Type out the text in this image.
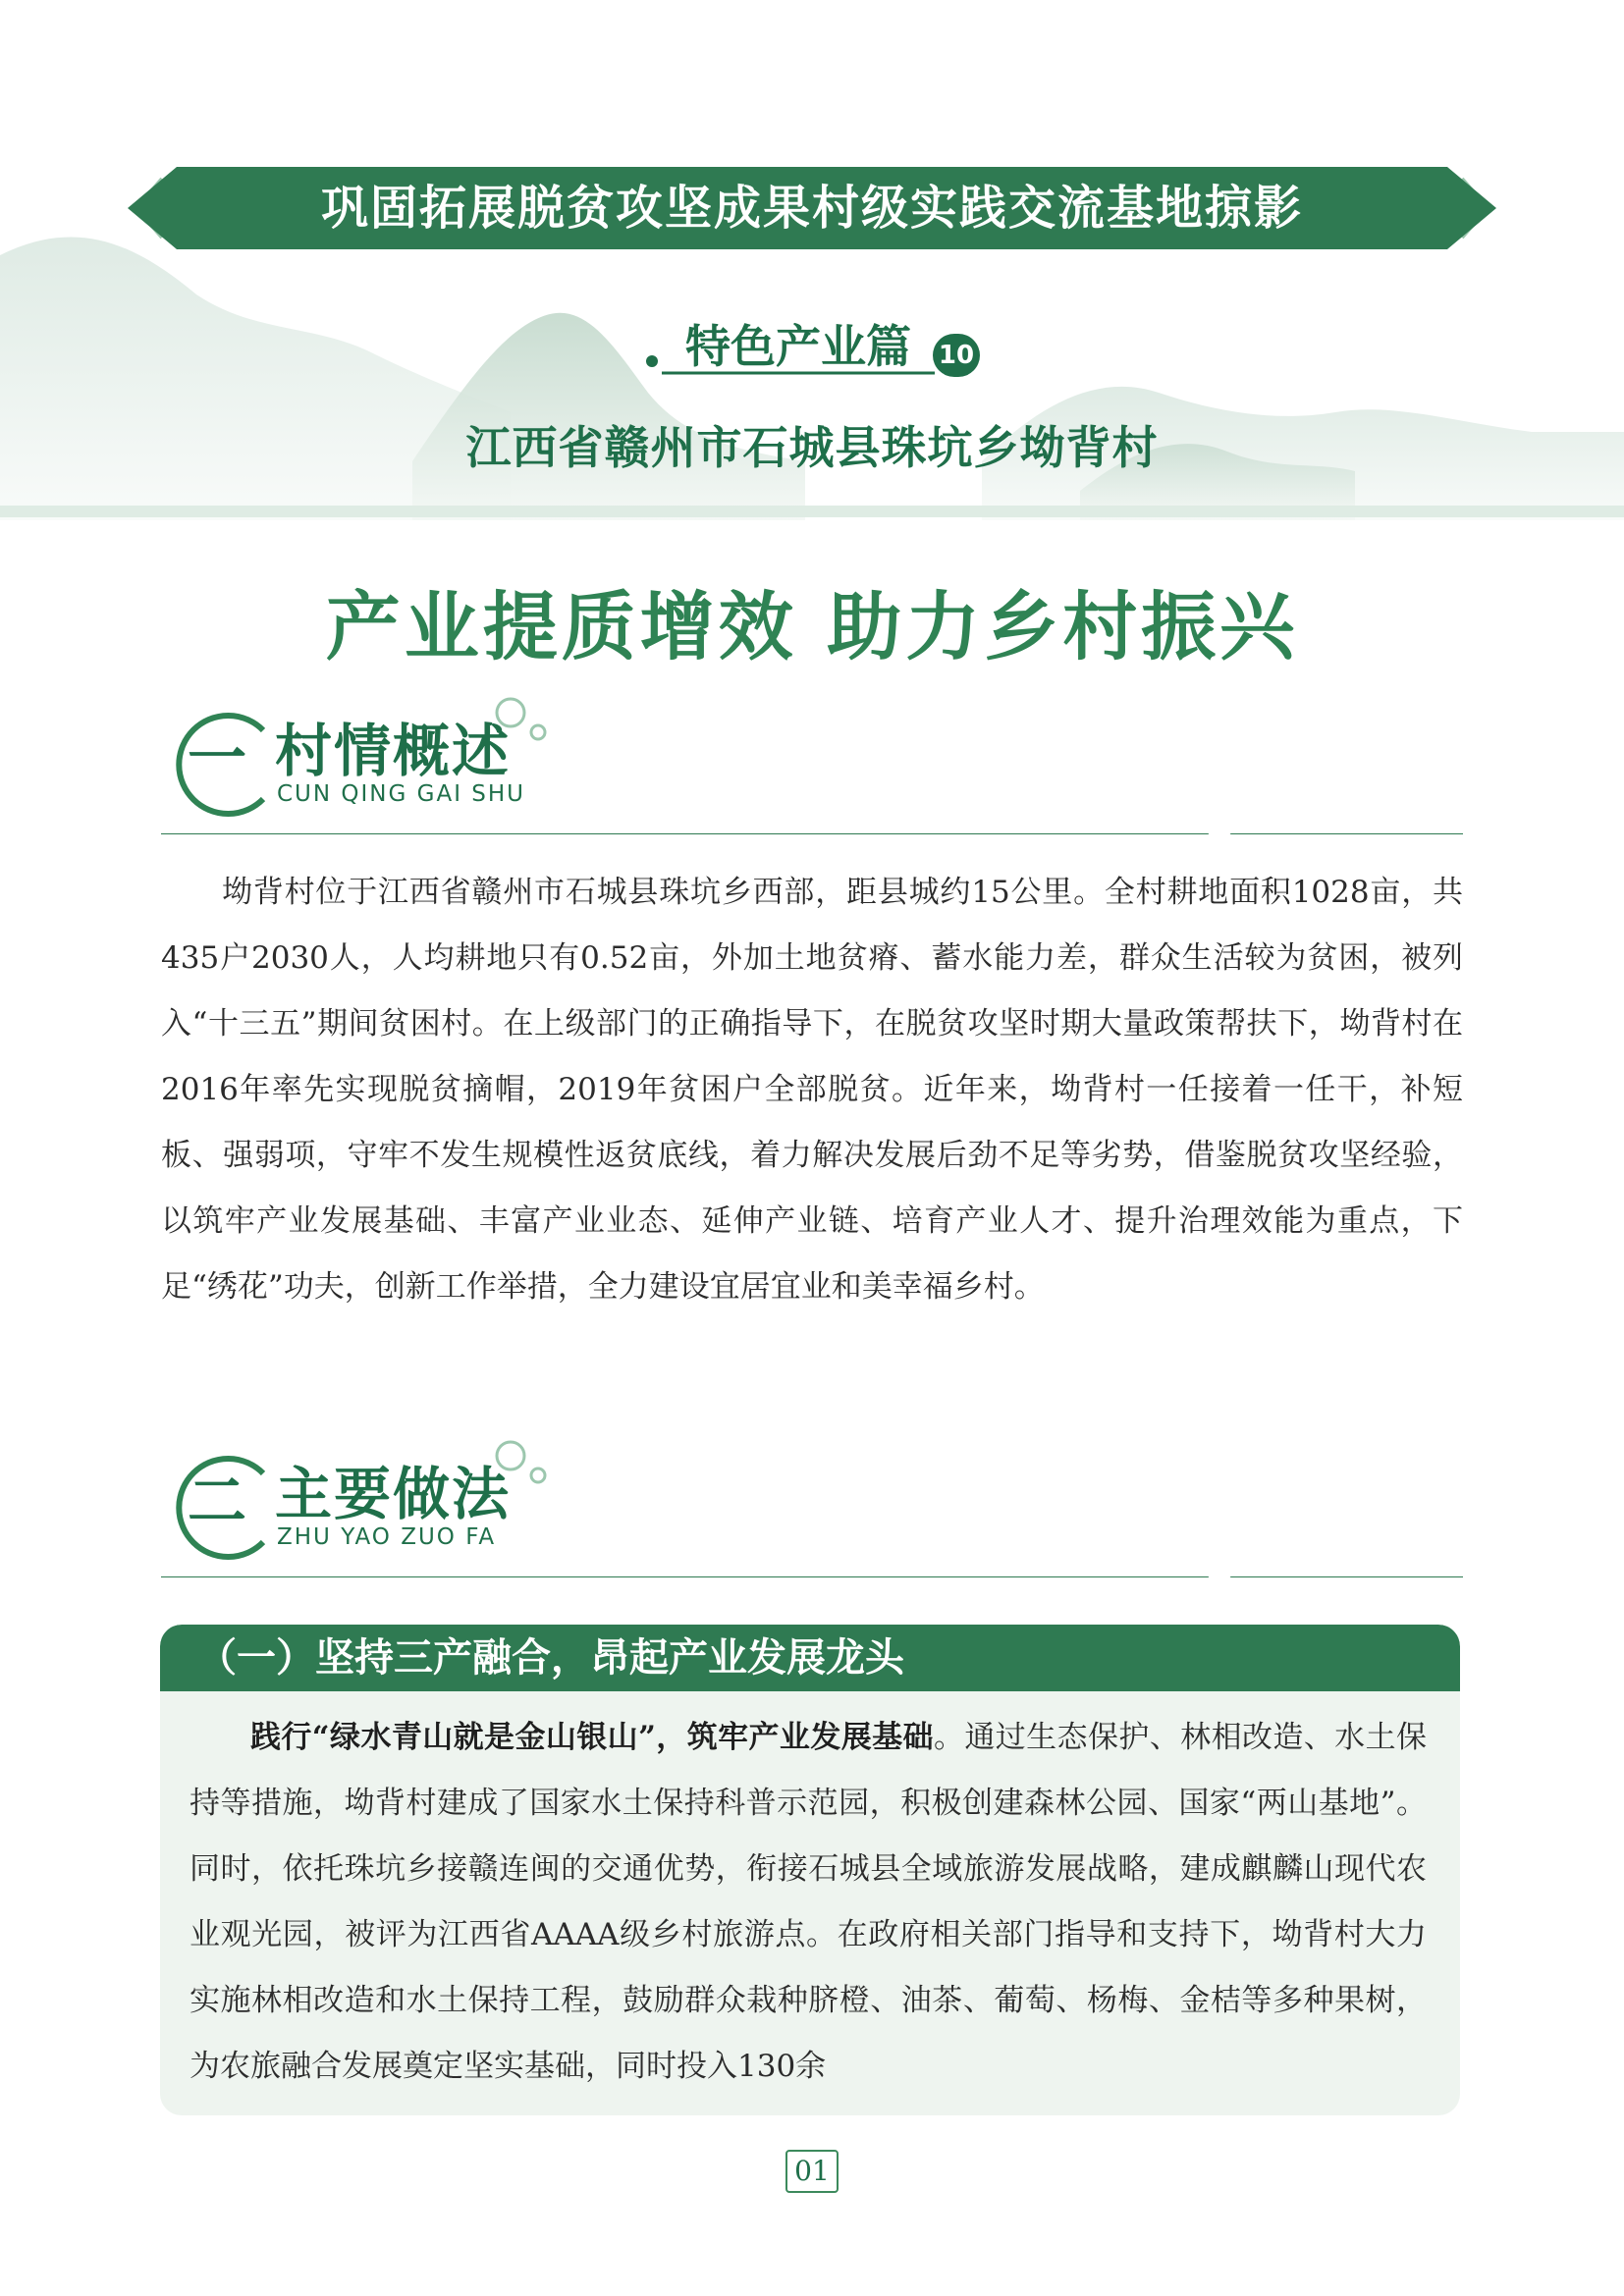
巩固拓展脱贫攻坚成果村级实践交流基地掠影
特色产业篇 10
江西省赣州市石城县珠坑乡坳背村
产业提质增效 助力乡村振兴
一 村情概述
CUN QING GAI SHU

坳背村位于江西省赣州市石城县珠坑乡西部，距县城约15公里。全村耕地面积1028亩，共435户2030人，人均耕地只有0.52亩，外加土地贫瘠、蓄水能力差，群众生活较为贫困，被列入“十三五”期间贫困村。在上级部门的正确指导下，在脱贫攻坚时期大量政策帮扶下，坳背村在2016年率先实现脱贫摘帽，2019年贫困户全部脱贫。近年来，坳背村一任接着一任干，补短板、强弱项，守牢不发生规模性返贫底线，着力解决发展后劲不足等劣势，借鉴脱贫攻坚经验，以筑牢产业发展基础、丰富产业业态、延伸产业链、培育产业人才、提升治理效能为重点，下足“绣花”功夫，创新工作举措，全力建设宜居宜业和美幸福乡村。

二 主要做法
ZHU YAO ZUO FA
（一）坚持三产融合，昂起产业发展龙头

践行“绿水青山就是金山银山”，筑牢产业发展基础。通过生态保护、林相改造、水土保持等措施，坳背村建成了国家水土保持科普示范园，积极创建森林公园、国家“两山基地”。同时，依托珠坑乡接赣连闽的交通优势，衔接石城县全域旅游发展战略，建成麒麟山现代农业观光园，被评为江西省AAAA级乡村旅游点。在政府相关部门指导和支持下，坳背村大力实施林相改造和水土保持工程，鼓励群众栽种脐橙、油茶、葡萄、杨梅、金桔等多种果树，为农旅融合发展奠定坚实基础，同时投入130余

01
